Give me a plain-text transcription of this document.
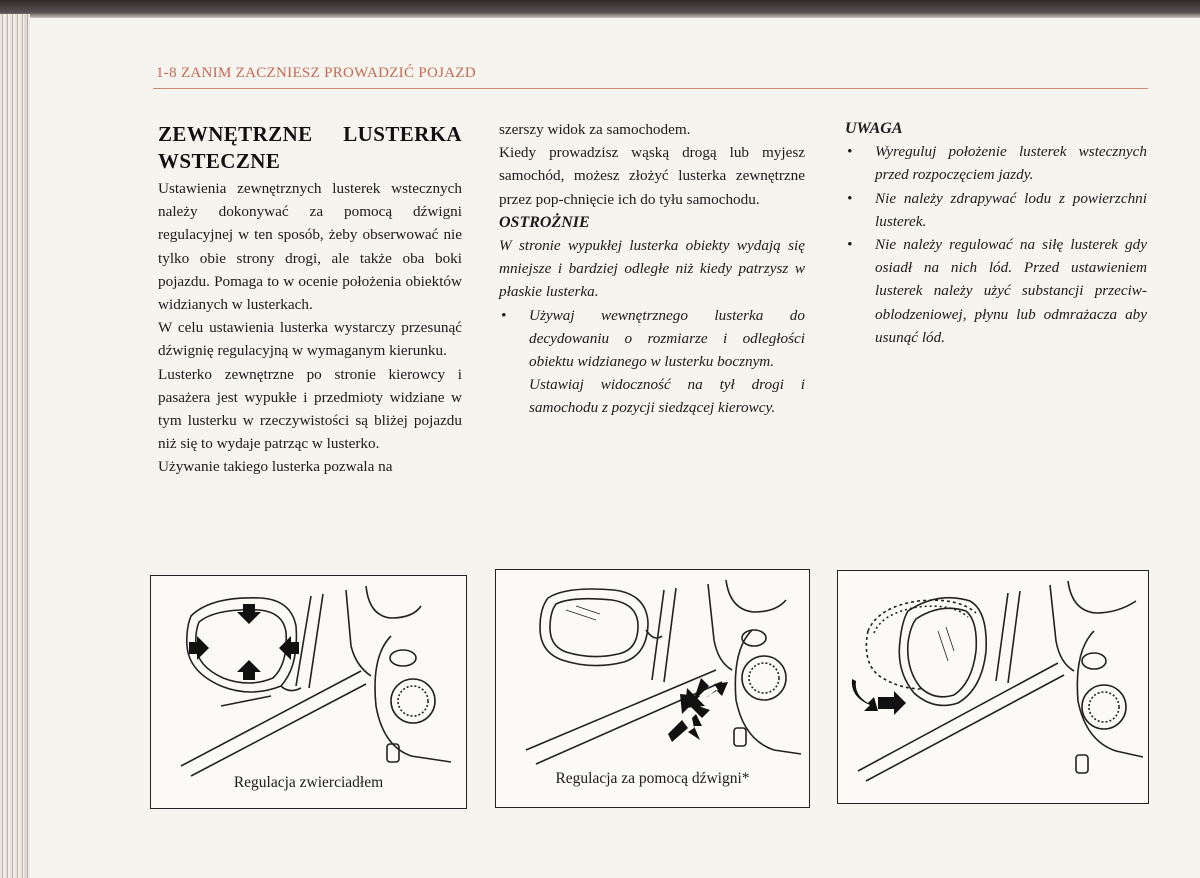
1-8 ZANIM ZACZNIESZ PROWADZIĆ POJAZD
ZEWNĘTRZNE LUSTERKA WSTECZNE

Ustawienia zewnętrznych lusterek wstecznych należy dokonywać za pomocą dźwigni regulacyjnej w ten sposób, żeby obserwować nie tylko obie strony drogi, ale także oba boki pojazdu. Pomaga to w ocenie położenia obiektów widzianych w lusterkach.

W celu ustawienia lusterka wystarczy przesunąć dźwignię regulacyjną w wymaganym kierunku.

Lusterko zewnętrzne po stronie kierowcy i pasażera jest wypukłe i przedmioty widziane w tym lusterku w rzeczywistości są bliżej pojazdu niż się to wydaje patrząc w lusterko.

Używanie takiego lusterka pozwala na

szerszy widok za samochodem.

Kiedy prowadzisz wąską drogą lub myjesz samochód, możesz złożyć lusterka zewnętrzne przez pop-chnięcie ich do tyłu samochodu.

OSTROŻNIE

W stronie wypukłej lusterka obiekty wydają się mniejsze i bardziej odległe niż kiedy patrzysz w płaskie lusterka.

• Używaj wewnętrznego lusterka do decydowaniu o rozmiarze i odległości obiektu widzianego w lusterku bocznym.

Ustawiaj widoczność na tył drogi i samochodu z pozycji siedzącej kierowcy.

UWAGA

• Wyreguluj położenie lusterek wstecznych przed rozpoczęciem jazdy.
• Nie należy zdrapywać lodu z powierzchni lusterek.
• Nie należy regulować na siłę lusterek gdy osiadł na nich lód. Przed ustawieniem lusterek należy użyć substancji przeciw-oblodzeniowej, płynu lub odmrażacza aby usunąć lód.
Regulacja zwierciadłem	Regulacja za pomocą dźwigni*
